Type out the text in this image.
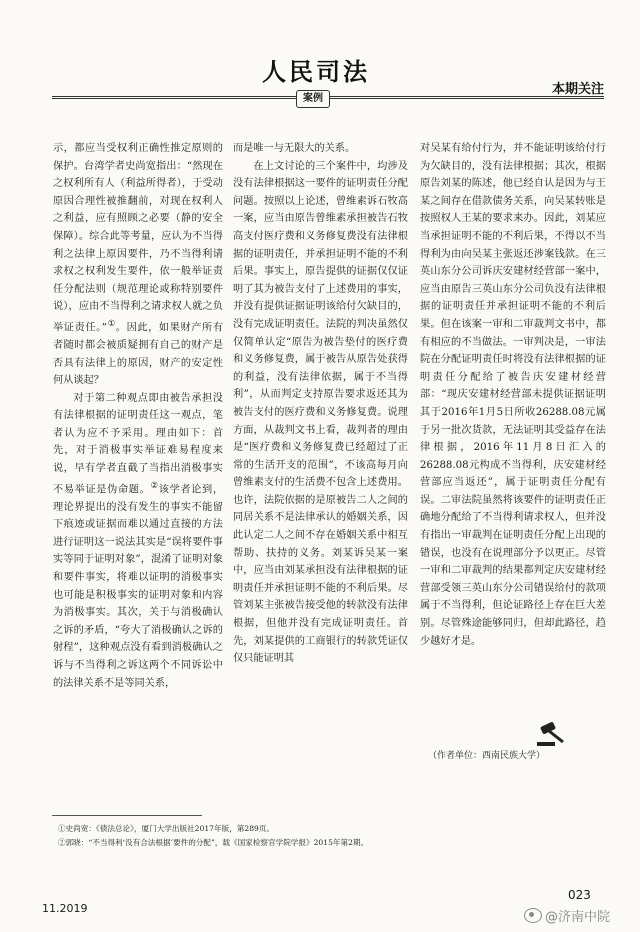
人民司法
本期关注
案例

示，都应当受权利正确性推定原则的保护。台湾学者史尚宽指出：“然现在之权利所有人（利益所得者），于受动原因合理性被推翻前，对现在权利人之利益，应有照顾之必要（静的安全保障）。综合此等考量，应认为不当得利之法律上原因要件，乃不当得利请求权之权利发生要件，依一般举证责任分配法则（规范理论或称特别要件说），应由不当得利之请求权人就之负举证责任。”①。因此，如果财产所有者随时都会被质疑拥有自己的财产是否具有法律上的原因，财产的安定性何从谈起？

对于第二种观点即由被告承担没有法律根据的证明责任这一观点，笔者认为应不予采用。理由如下：首先，对于消极事实举证难易程度来说，早有学者直截了当指出消极事实不易举证是伪命题。②该学者论到，理论界提出的没有发生的事实不能留下痕迹或证据而难以通过直接的方法进行证明这一说法其实是“误将要件事实等同于证明对象”，混淆了证明对象和要件事实，将难以证明的消极事实也可能是积极事实的证明对象和内容为消极事实。其次，关于与消极确认之诉的矛盾，“夸大了消极确认之诉的射程”，这种观点没有看到消极确认之诉与不当得利之诉这两个不同诉讼中的法律关系不是等同关系，

而是唯一与无限大的关系。

在上文讨论的三个案件中，均涉及没有法律根据这一要件的证明责任分配问题。按照以上论述，曾维素诉石牧高一案，应当由原告曾维素承担被告石牧高支付医疗费和义务修复费没有法律根据的证明责任，并承担证明不能的不利后果。事实上，原告提供的证据仅仅证明了其为被告支付了上述费用的事实，并没有提供证据证明该给付欠缺目的，没有完成证明责任。法院的判决虽然仅仅简单认定“原告为被告垫付的医疗费和义务修复费，属于被告从原告处获得的利益，没有法律依据，属于不当得利”，从而判定支持原告要求返还其为被告支付的医疗费和义务修复费。说理方面，从裁判文书上看，裁判者的理由是“医疗费和义务修复费已经超过了正常的生活开支的范围”，不该高每月向曾维素支付的生活费不包含上述费用。也许，法院依据的是原被告二人之间的同居关系不是法律承认的婚姻关系，因此认定二人之间不存在婚姻关系中相互帮助、扶持的义务。刘某诉吴某一案中，应当由刘某承担没有法律根据的证明责任并承担证明不能的不利后果。尽管刘某主张被告接受他的转款没有法律根据，但他并没有完成证明责任。首先，刘某提供的工商银行的转款凭证仅仅只能证明其

对吴某有给付行为，并不能证明该给付行为欠缺目的，没有法律根据；其次，根据原告刘某的陈述，他已经自认是因为与王某之间存在借款债务关系，向吴某转账是按照权人王某的要求来办。因此，刘某应当承担证明不能的不利后果，不得以不当得利为由向吴某主张返还涉案钱款。在三英山东分公司诉庆安建材经营部一案中，应当由原告三英山东分公司负没有法律根据的证明责任并承担证明不能的不利后果。但在该案一审和二审裁判文书中，都有相应的不当做法。一审判决是，一审法院在分配证明责任时将没有法律根据的证明责任分配给了被告庆安建材经营部：“现庆安建材经营部未提供证据证明其于2016年1月5日所收26288.08元属于另一批次货款，无法证明其受益存在法律根据，2016年11月8日汇入的26288.08元构成不当得利，庆安建材经营部应当返还”，属于证明责任分配有误。二审法院虽然将该要件的证明责任正确地分配给了不当得利请求权人，但并没有指出一审裁判在证明责任分配上出现的错误，也没有在说理部分予以更正。尽管一审和二审裁判的结果都判定庆安建材经营部受领三英山东分公司错误给付的款项属于不当得利，但论证路径上存在巨大差别。尽管殊途能够同归，但却此路径，趋少越好才是。

（作者单位：西南民族大学）
①史尚宽：《债法总论》，厦门大学出版社2017年版，第289页。
②郭晓：“不当得利‘没有合法根据’要件的分配”，载《国家检察官学院学报》2015年第2期。
11.2019
023
@济南中院
